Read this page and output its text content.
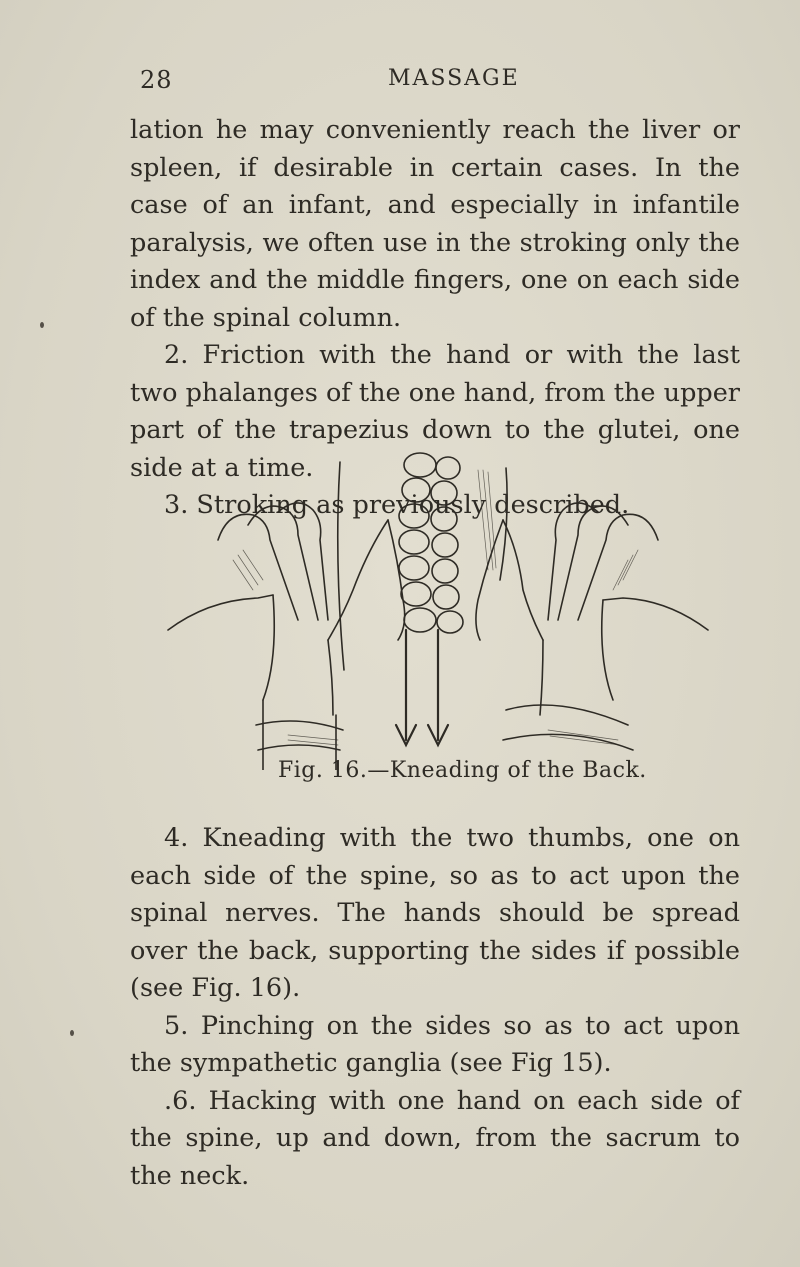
28	MASSAGE

lation he may conveniently reach the liver or spleen, if desirable in certain cases. In the case of an infant, and especially in infantile paralysis, we often use in the stroking only the index and the middle fingers, one on each side of the spinal column.

2. Friction with the hand or with the last two phalanges of the one hand, from the upper part of the trapezius down to the glutei, one side at a time.

3. Stroking as previously described.

Fig. 16.—Kneading of the Back.

4. Kneading with the two thumbs, one on each side of the spine, so as to act upon the spinal nerves. The hands should be spread over the back, supporting the sides if possible (see Fig. 16).

5. Pinching on the sides so as to act upon the sympathetic ganglia (see Fig 15).

.6. Hacking with one hand on each side of the spine, up and down, from the sacrum to the neck.
